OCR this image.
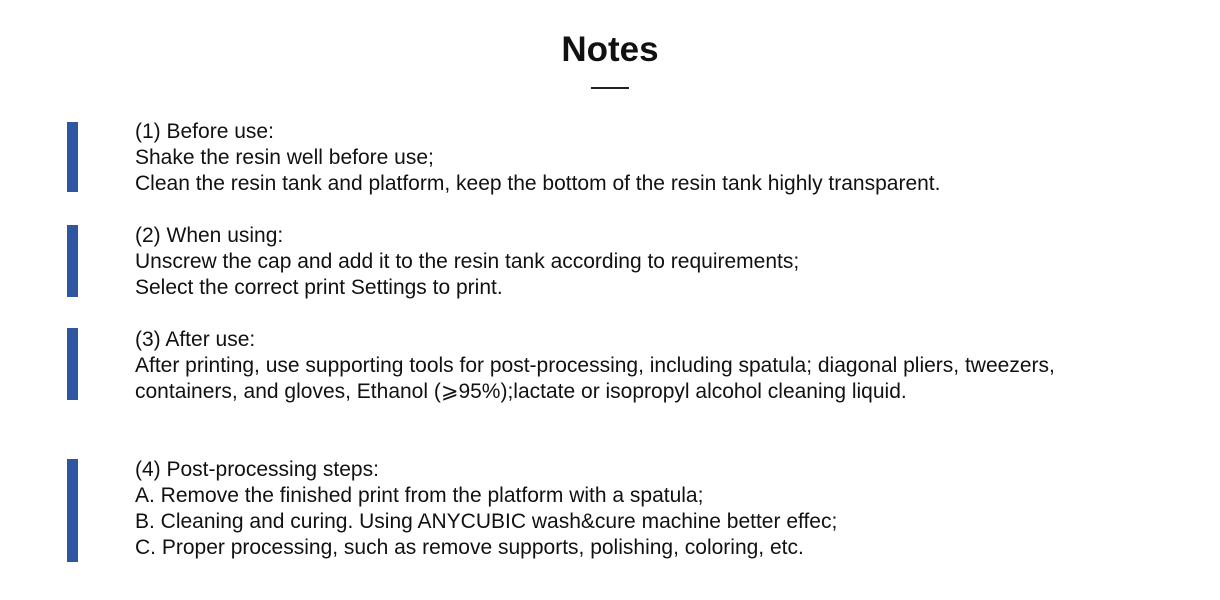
Notes
(1) Before use:
Shake the resin well before use;
Clean the resin tank and platform, keep the bottom of the resin tank highly transparent.
(2) When using:
Unscrew the cap and add it to the resin tank according to requirements;
Select the correct print Settings to print.
(3) After use:
After printing, use supporting tools for post-processing, including spatula; diagonal pliers, tweezers,
containers, and gloves, Ethanol (⩾95%);lactate or isopropyl alcohol cleaning liquid.
(4) Post-processing steps:
A. Remove the finished print from the platform with a spatula;
B. Cleaning and curing. Using ANYCUBIC wash&cure machine better effec;
C. Proper processing, such as remove supports, polishing, coloring, etc.
